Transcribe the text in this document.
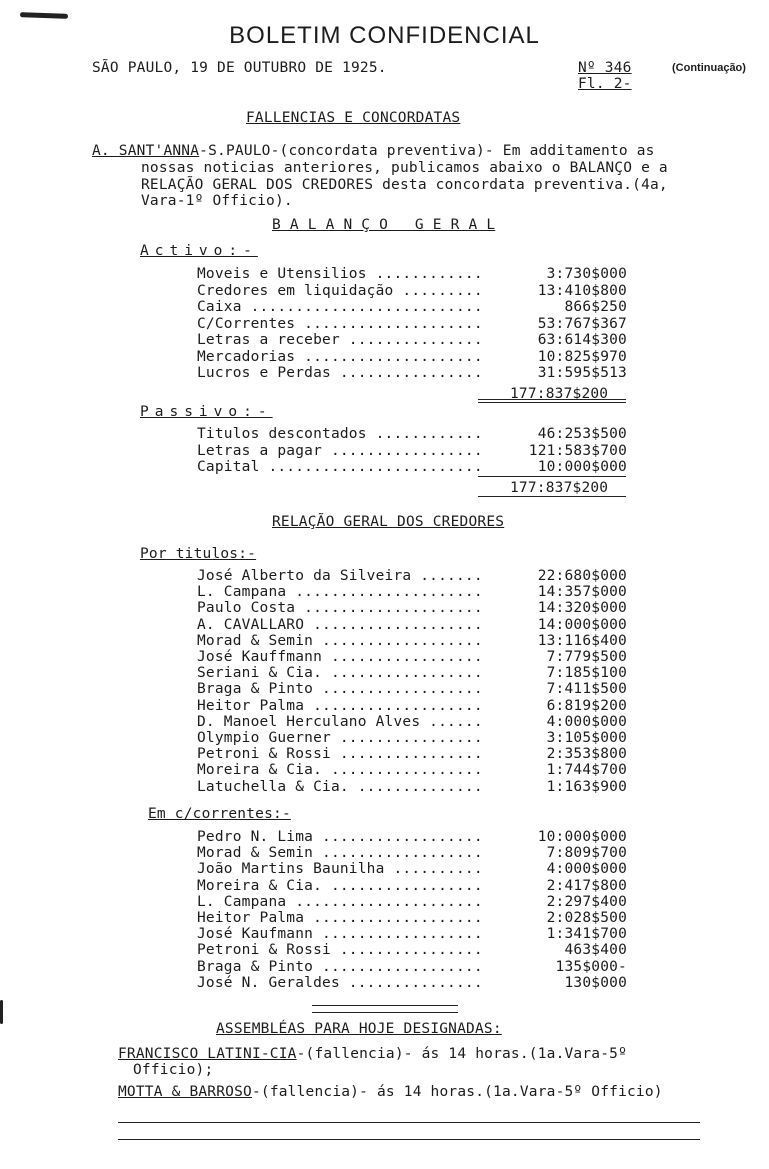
BOLETIM CONFIDENCIAL
SÃO PAULO, 19 DE OUTUBRO DE 1925.	Nº 346
Fl. 2-
(Continuação)
FALLENCIAS E CONCORDATAS
A. SANT'ANNA-S.PAULO-(concordata preventiva)- Em additamento as
nossas noticias anteriores, publicamos abaixo o BALANÇO e a
RELAÇÃO GERAL DOS CREDORES desta concordata preventiva.(4a,
Vara-1º Officio).
B A L A N Ç O   G E R A L
Activo:-
Moveis e Utensilios ............	3:730$000
Credores em liquidação .........	13:410$800
Caixa ..........................	866$250
C/Correntes ....................	53:767$367
Letras a receber ...............	63:614$300
Mercadorias ....................	10:825$970
Lucros e Perdas ................	31:595$513
177:837$200
Passivo:-
Titulos descontados ............	46:253$500
Letras a pagar .................	121:583$700
Capital ........................	10:000$000
177:837$200
RELAÇÃO GERAL DOS CREDORES
Por titulos:-
José Alberto da Silveira .......	22:680$000
L. Campana .....................	14:357$000
Paulo Costa ....................	14:320$000
A. CAVALLARO ...................	14:000$000
Morad & Semin ..................	13:116$400
José Kauffmann .................	7:779$500
Seriani & Cia. .................	7:185$100
Braga & Pinto ..................	7:411$500
Heitor Palma ...................	6:819$200
D. Manoel Herculano Alves ......	4:000$000
Olympio Guerner ................	3:105$000
Petroni & Rossi ................	2:353$800
Moreira & Cia. .................	1:744$700
Latuchella & Cia. ..............	1:163$900
Em c/correntes:-
Pedro N. Lima ..................	10:000$000
Morad & Semin ..................	7:809$700
João Martins Baunilha ..........	4:000$000
Moreira & Cia. .................	2:417$800
L. Campana .....................	2:297$400
Heitor Palma ...................	2:028$500
José Kaufmann ..................	1:341$700
Petroni & Rossi ................	463$400
Braga & Pinto ..................	135$000-
José N. Geraldes ...............	130$000
ASSEMBLÉAS PARA HOJE DESIGNADAS:
FRANCISCO LATINI-CIA-(fallencia)- ás 14 horas.(1a.Vara-5º
Officio);
MOTTA & BARROSO-(fallencia)- ás 14 horas.(1a.Vara-5º Officio)
